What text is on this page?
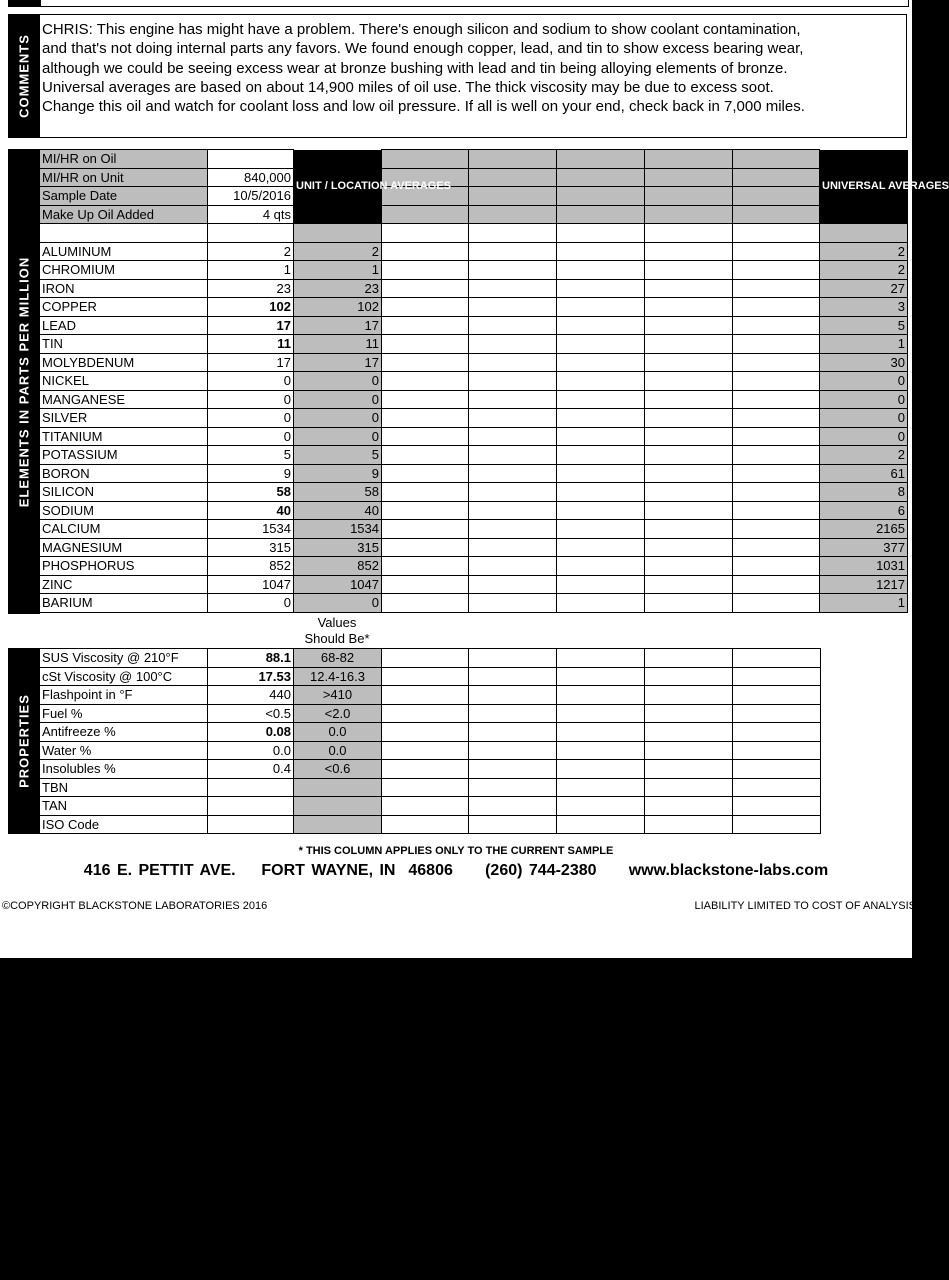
COMMENTS
CHRIS: This engine has might have a problem. There's enough silicon and sodium to show coolant contamination, and that's not doing internal parts any favors. We found enough copper, lead, and tin to show excess bearing wear, although we could be seeing excess wear at bronze bushing with lead and tin being alloying elements of bronze. Universal averages are based on about 14,900 miles of oil use. The thick viscosity may be due to excess soot. Change this oil and watch for coolant loss and low oil pressure. If all is well on your end, check back in 7,000 miles.
ELEMENTS IN PARTS PER MILLION
MI/HR on Oil		UNIT / LOCATION AVERAGES						UNIVERSAL AVERAGES
MI/HR on Unit	840,000							
Sample Date	10/5/2016							
Make Up Oil Added	4 qts							

ALUMINUM	2	2						2
CHROMIUM	1	1						2
IRON	23	23						27
COPPER	102	102						3
LEAD	17	17						5
TIN	11	11						1
MOLYBDENUM	17	17						30
NICKEL	0	0						0
MANGANESE	0	0						0
SILVER	0	0						0
TITANIUM	0	0						0
POTASSIUM	5	5						2
BORON	9	9						61
SILICON	58	58						8
SODIUM	40	40						6
CALCIUM	1534	1534						2165
MAGNESIUM	315	315						377
PHOSPHORUS	852	852						1031
ZINC	1047	1047						1217
BARIUM	0	0						1
Values
Should Be*
PROPERTIES
SUS Viscosity @ 210°F	88.1	68-82					
cSt Viscosity @ 100°C	17.53	12.4-16.3					
Flashpoint in °F	440	>410					
Fuel %	<0.5	<2.0					
Antifreeze %	0.08	0.0					
Water %	0.0	0.0					
Insolubles %	0.4	<0.6					
TBN							
TAN							
ISO Code							
* THIS COLUMN APPLIES ONLY TO THE CURRENT SAMPLE
416 E. PETTIT AVE.    FORT WAYNE, IN  46806     (260) 744-2380     www.blackstone-labs.com
©COPYRIGHT BLACKSTONE LABORATORIES 2016	LIABILITY LIMITED TO COST OF ANALYSIS
